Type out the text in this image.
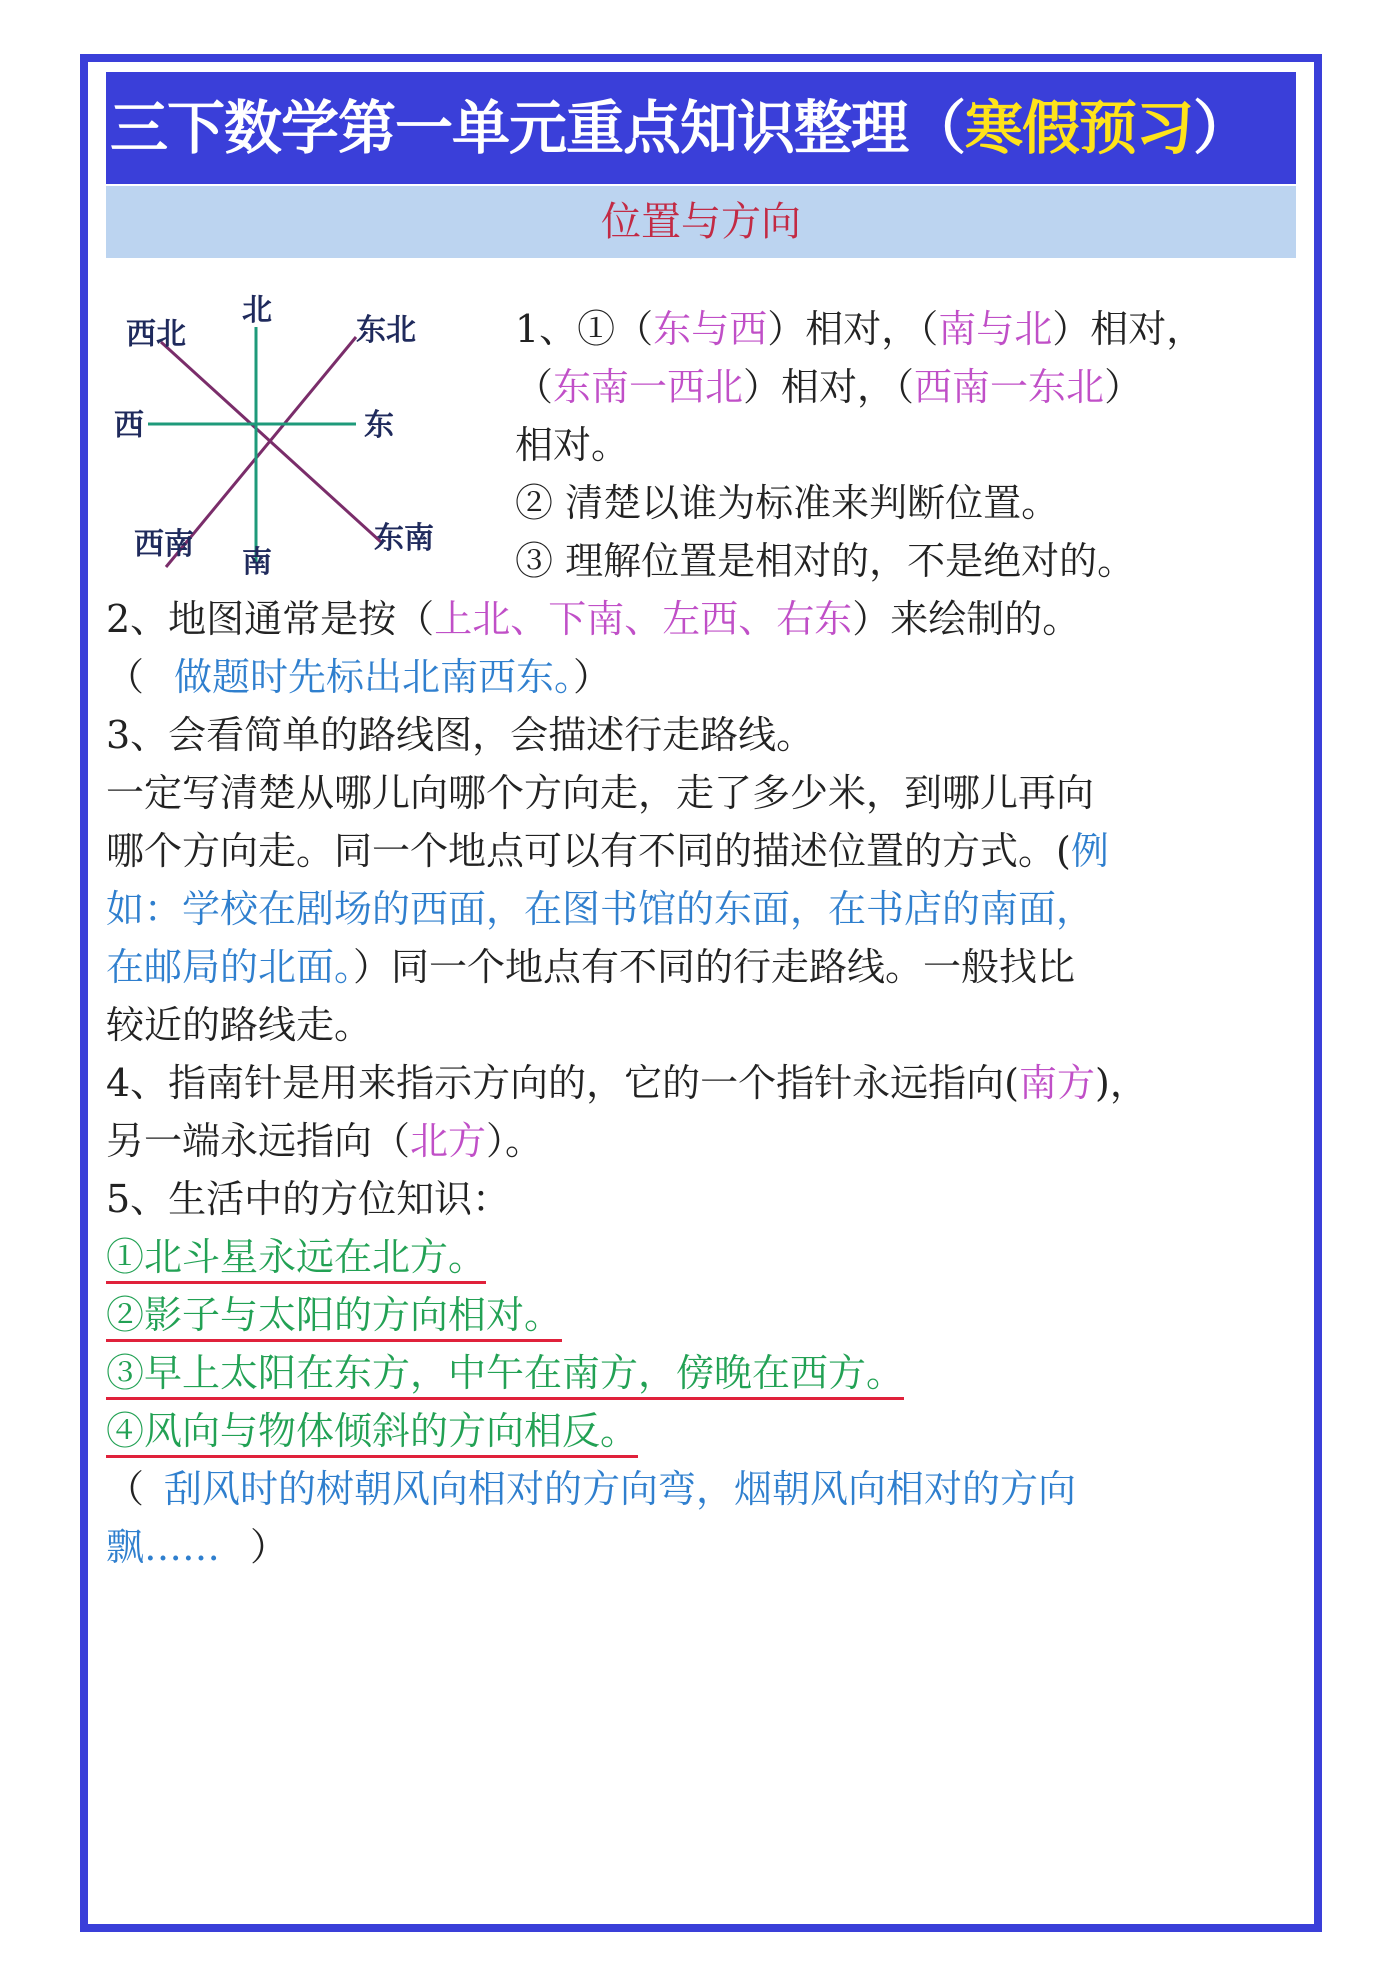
三下数学第一单元重点知识整理（寒假预习）
位置与方向
北
西北	东北
西	东
西南
南
东南
1、①（东与西）相对，（南与北）相对，
（东南一西北）相对，（西南一东北）
相对。
② 清楚以谁为标准来判断位置。
③ 理解位置是相对的，不是绝对的。
2、地图通常是按（上北、下南、左西、右东）来绘制的。
（ 做题时先标出北南西东。）
3、会看简单的路线图，会描述行走路线。
一定写清楚从哪儿向哪个方向走，走了多少米，到哪儿再向
哪个方向走。同一个地点可以有不同的描述位置的方式。(例
如：学校在剧场的西面，在图书馆的东面，在书店的南面，
在邮局的北面。）同一个地点有不同的行走路线。一般找比
较近的路线走。
4、指南针是用来指示方向的，它的一个指针永远指向(南方)，
另一端永远指向（北方）。
5、生活中的方位知识：
①北斗星永远在北方。
②影子与太阳的方向相对。
③早上太阳在东方，中午在南方，傍晚在西方。
④风向与物体倾斜的方向相反。
（ 刮风时的树朝风向相对的方向弯，烟朝风向相对的方向
飘…… ）
